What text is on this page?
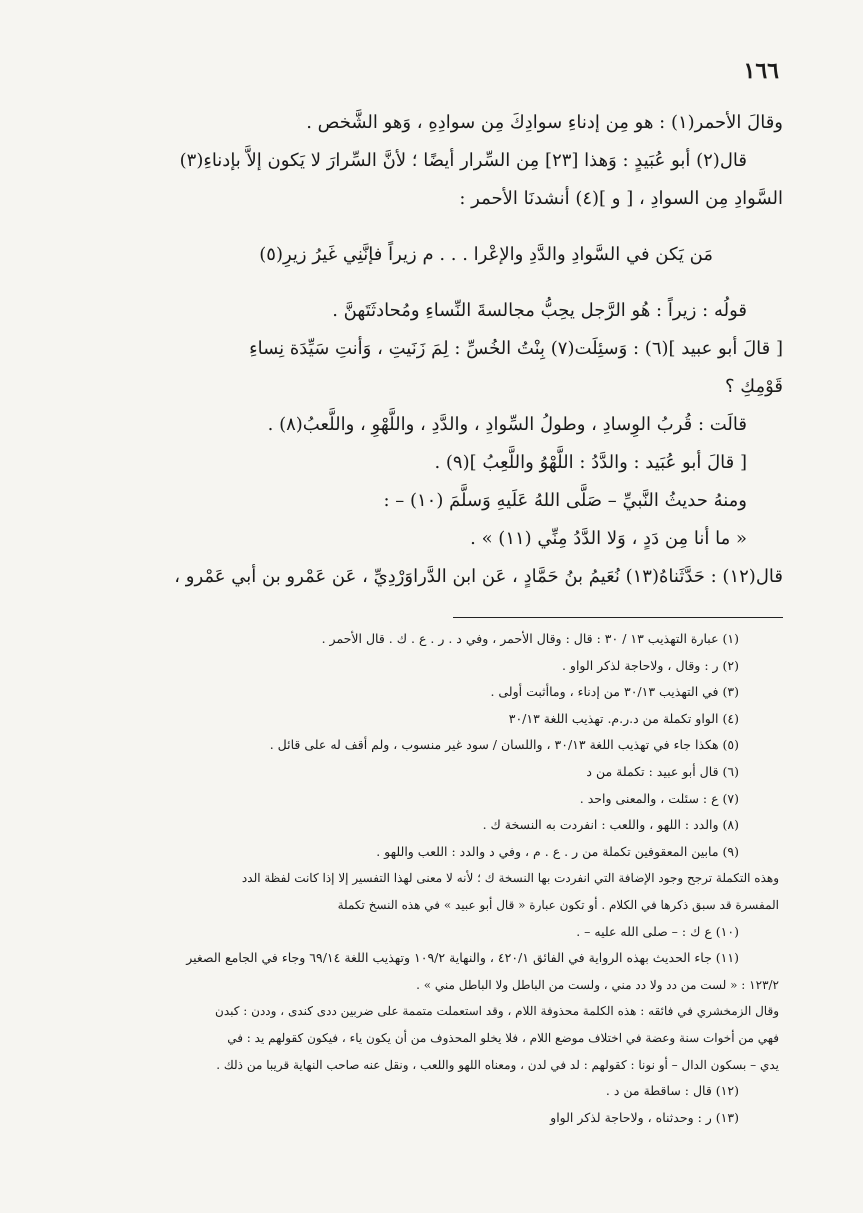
١٦٦

وقالَ الأحمر(١) : هو مِن إدناءِ سوادِكَ مِن سوادِهِ ، وَهو الشَّخص .

قال(٢) أبو عُبَيدٍ : وَهذا [٢٣] مِن السِّرار أيضًا ؛ لأنَّ السِّرارَ لا يَكون إلاَّ بإدناءِ(٣)

السَّوادِ مِن السوادِ ، [ و ](٤) أنشدنَا الأحمر :

مَن يَكن في السَّوادِ والدَّدِ والإعْرا . . . م زيراً فإنَّنِي غَيرُ زيرِ(٥)

قولُه : زيراً : هُو الرَّجل يحِبُّ مجالسةَ النِّساءِ ومُحادثَتَهنَّ .

[ قالَ أبو عبيد ](٦) : وَسئِلَت(٧) بِنْتُ الخُسِّ : لِمَ زَنَيتِ ، وَأنتِ سَيِّدَة نِساءِ

قَوْمِكِ ؟

قالَت : قُربُ الوِسادِ ، وطولُ السِّوادِ ، والدَّدِ ، واللَّهْوِ ، واللَّعبُ(٨) .

[ قالَ أبو عُبَيد : والدَّدُ : اللَّهْوُ واللَّعِبُ ](٩) .

ومنهُ حديثُ النَّبيِّ – صَلَّى اللهُ عَلَيهِ وَسلَّمَ (١٠) – :

« ما أنا مِن دَدٍ ، وَلا الدَّدُ مِنِّي (١١) » .

قال(١٢) : حَدَّثَناهُ(١٣) نُعَيمُ بنُ حَمَّادٍ ، عَن ابن الدَّراوَرْدِيِّ ، عَن عَمْرو بن أبي عَمْرو ،

(١) عبارة التهذيب ١٣ / ٣٠ : قال : وقال الأحمر ، وفي د . ر . ع . ك . قال الأحمر .

(٢) ر : وقال ، ولاحاجة لذكر الواو .

(٣) في التهذيب ٣٠/١٣ من إدناء ، وماأثبت أولى .

(٤) الواو تكملة من د.ر.م. تهذيب اللغة ٣٠/١٣

(٥) هكذا جاء في تهذيب اللغة ٣٠/١٣ ، واللسان / سود غير منسوب ، ولم أقف له على قائل .

(٦) قال أبو عبيد : تكملة من د

(٧) ع : سئلت ، والمعنى واحد .

(٨) والدد : اللهو ، واللعب : انفردت به النسخة ك .

(٩) مابين المعقوفين تكملة من ر . ع . م ، وفي د والدد : اللعب واللهو .

وهذه التكملة ترجح وجود الإضافة التي انفردت بها النسخة ك ؛ لأنه لا معنى لهذا التفسير إلا إذا كانت لفظة الدد

المفسرة قد سبق ذكرها في الكلام . أو تكون عبارة « قال أبو عبيد » في هذه النسخ تكملة

(١٠) ع ك : – صلى الله عليه – .

(١١) جاء الحديث بهذه الرواية في الفائق ٤٢٠/١ ، والنهاية ١٠٩/٢ وتهذيب اللغة ٦٩/١٤ وجاء في الجامع الصغير

١٢٣/٢ : « لست من دد ولا دد مني ، ولست من الباطل ولا الباطل مني » .

وقال الزمخشري في فائقه : هذه الكلمة محذوفة اللام ، وقد استعملت متممة على ضربين ددى كندى ، وددن : كبدن

فهي من أخوات سنة وعضة في اختلاف موضع اللام ، فلا يخلو المحذوف من أن يكون ياء ، فيكون كقولهم يد : في

يدي – بسكون الدال – أو نونا : كقولهم : لد في لدن ، ومعناه اللهو واللعب ، ونقل عنه صاحب النهاية قريبا من ذلك .

(١٢) قال : ساقطة من د .

(١٣) ر : وحدثناه ، ولاحاجة لذكر الواو
